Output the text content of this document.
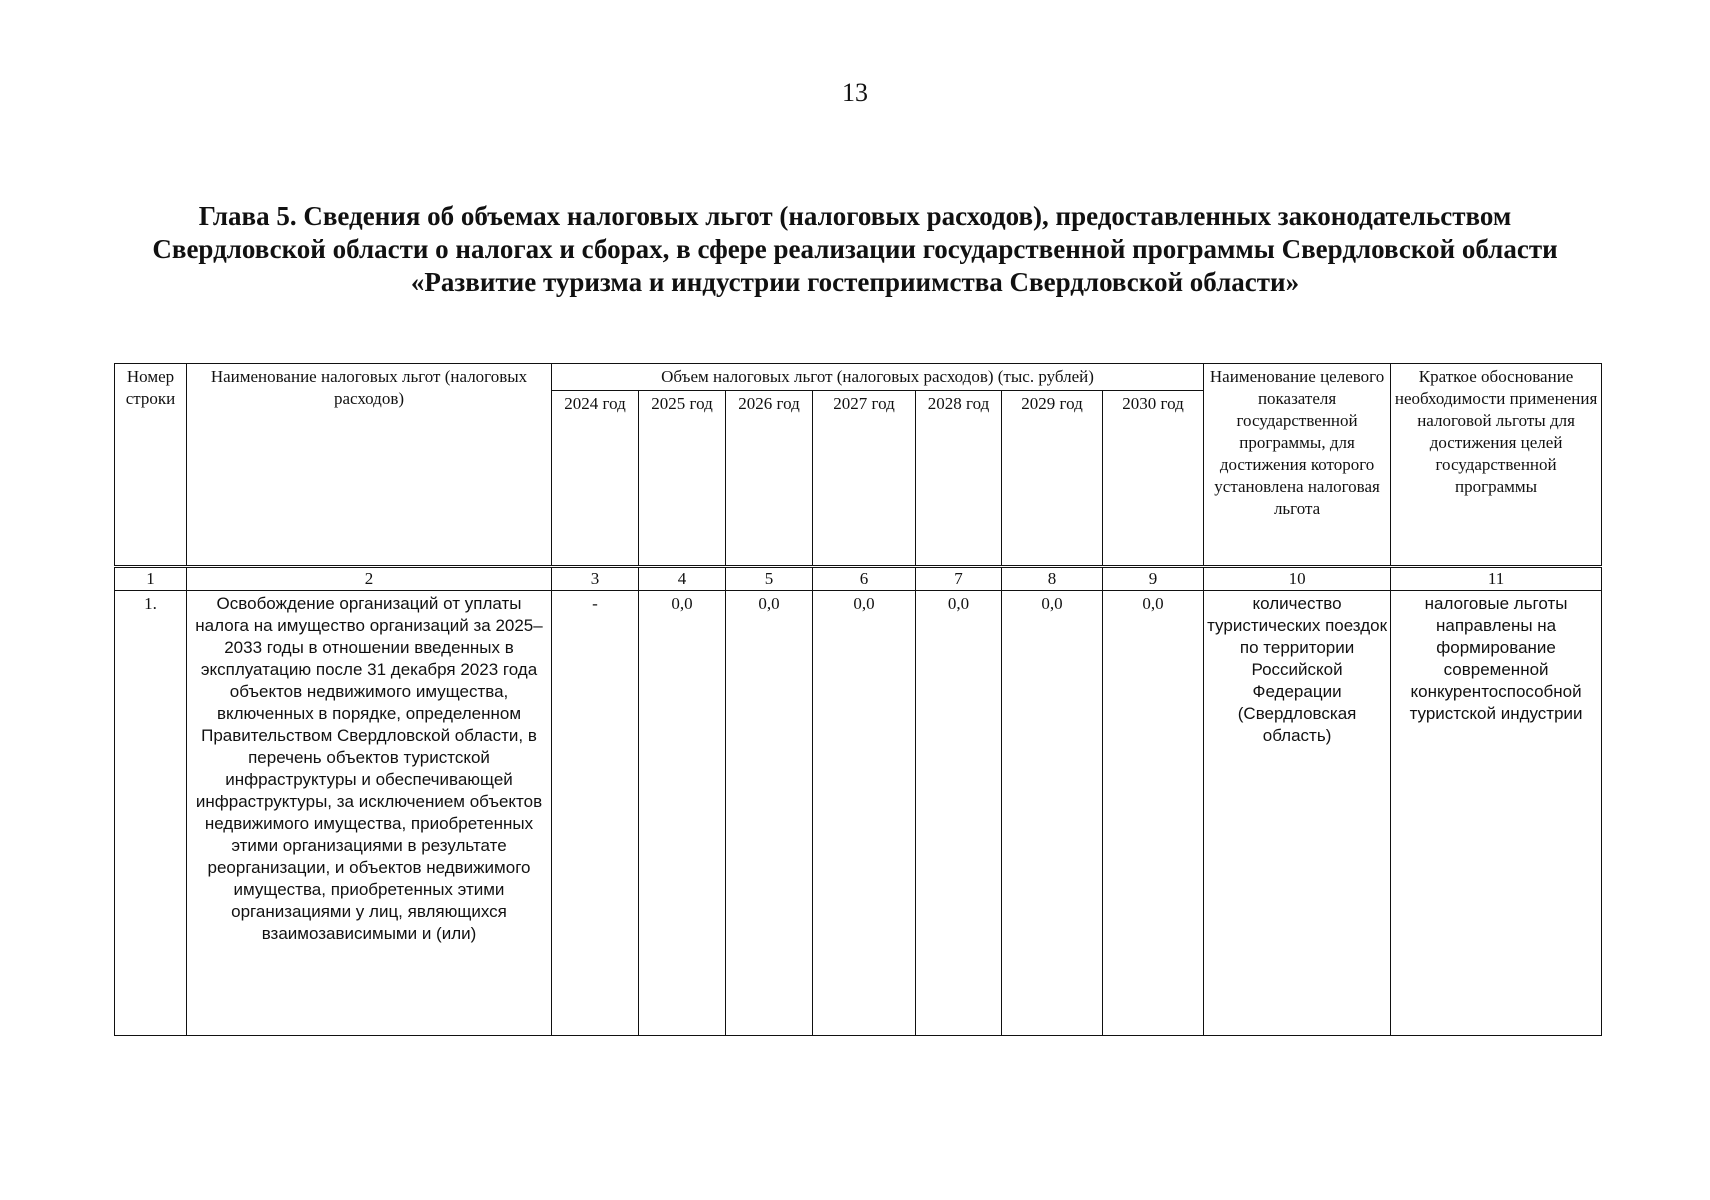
13
Глава 5. Сведения об объемах налоговых льгот (налоговых расходов), предоставленных законодательством Свердловской области о налогах и сборах, в сфере реализации государственной программы Свердловской области «Развитие туризма и индустрии гостеприимства Свердловской области»
Номер строки	Наименование налоговых льгот (налоговых расходов)	Объем налоговых льгот (налоговых расходов) (тыс. рублей)							Наименование целевого показателя государственной программы, для достижения которого установлена налоговая льгота	Краткое обоснование необходимости применения налоговой льготы для достижения целей государственной программы
		2024 год	2025 год	2026 год	2027 год	2028 год	2029 год	2030 год		
1	2	3	4	5	6	7	8	9	10	11
1.	Освобождение организаций от уплаты налога на имущество организаций за 2025–2033 годы в отношении введенных в эксплуатацию после 31 декабря 2023 года объектов недвижимого имущества, включенных в порядке, определенном Правительством Свердловской области, в перечень объектов туристской инфраструктуры и обеспечивающей инфраструктуры, за исключением объектов недвижимого имущества, приобретенных этими организациями в результате реорганизации, и объектов недвижимого имущества, приобретенных этими организациями у лиц, являющихся взаимозависимыми и (или)	-	0,0	0,0	0,0	0,0	0,0	0,0	количество туристических поездок по территории Российской Федерации (Свердловская область)	налоговые льготы направлены на формирование современной конкурентоспособной туристской индустрии
